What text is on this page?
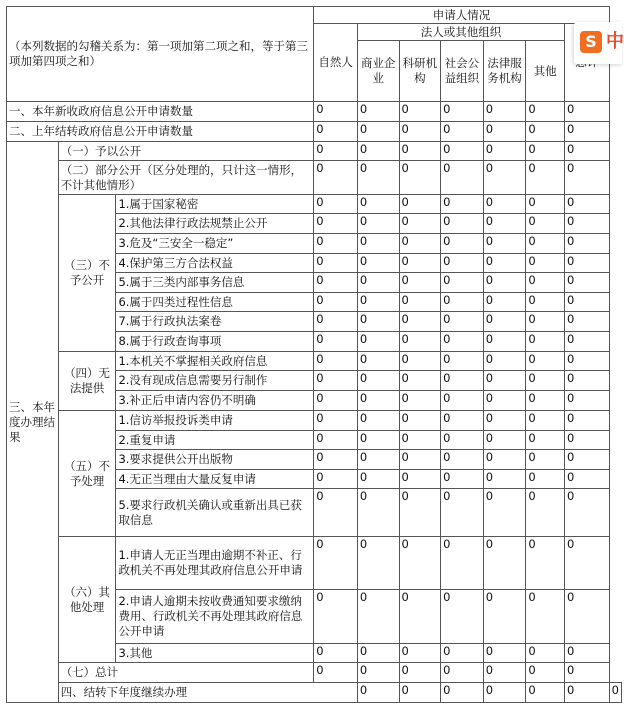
（本列数据的勾稽关系为：第一项加第二项之和，等于第三项加第四项之和）			申请人情况							
			自然人	法人或其他组织	
				商业企业	科研机构	社会公益组织	法律服务机构	其他		
一、本年新收政府信息公开申请数量			0	0	0	0	0	0	0	
二、上年结转政府信息公开申请数量			0	0	0	0	0	0	0	
三、本年度办理结果	（一）予以公开		0	0	0	0	0	0	0	
	（二）部分公开（区分处理的，只计这一情形，不计其他情形）		0	0	0	0	0	0	0	
	（三）不予公开	1.属于国家秘密	0	0	0	0	0	0	0	
		2.其他法律行政法规禁止公开	0	0	0	0	0	0	0	
		3.危及“三安全一稳定”	0	0	0	0	0	0	0	
		4.保护第三方合法权益	0	0	0	0	0	0	0	
		5.属于三类内部事务信息	0	0	0	0	0	0	0	
		6.属于四类过程性信息	0	0	0	0	0	0	0	
		7.属于行政执法案卷	0	0	0	0	0	0	0	
		8.属于行政查询事项	0	0	0	0	0	0	0	
	（四）无法提供	1.本机关不掌握相关政府信息	0	0	0	0	0	0	0	
		2.没有现成信息需要另行制作	0	0	0	0	0	0	0	
		3.补正后申请内容仍不明确	0	0	0	0	0	0	0	
	（五）不予处理	1.信访举报投诉类申请	0	0	0	0	0	0	0	
		2.重复申请	0	0	0	0	0	0	0	
		3.要求提供公开出版物	0	0	0	0	0	0	0	
		4.无正当理由大量反复申请	0	0	0	0	0	0	0	
		5.要求行政机关确认或重新出具已获取信息	0	0	0	0	0	0	0	
	（六）其他处理	1.申请人无正当理由逾期不补正、行政机关不再处理其政府信息公开申请	0	0	0	0	0	0	0	
		2.申请人逾期未按收费通知要求缴纳费用、行政机关不再处理其政府信息公开申请	0	0	0	0	0	0	0	
		3.其他	0	0	0	0	0	0	0	
	（七）总计		0	0	0	0	0	0	0	
	四、结转下年度继续办理			0	0	0	0	0	0	0
S 中
